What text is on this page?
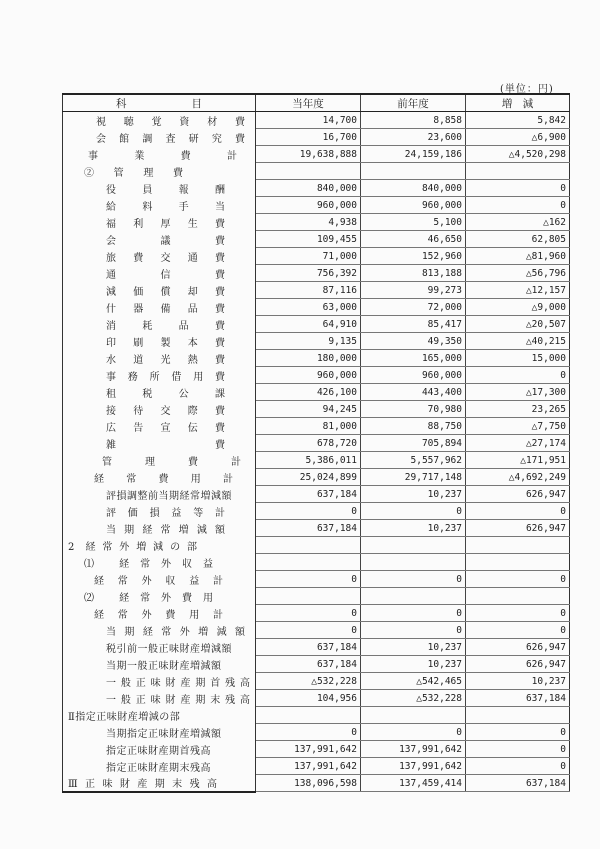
(単位：円)
科 目	当年度	前年度	増　減

視聴覚資材費	14,700	8,858	5,842

会館調査研究費	16,700	23,600	△6,900

事業費計	19,638,888	24,159,186	△4,520,298

②管理費			

役員報酬	840,000	840,000	0

給料手当	960,000	960,000	0

福利厚生費	4,938	5,100	△162

会議費	109,455	46,650	62,805

旅費交通費	71,000	152,960	△81,960

通信費	756,392	813,188	△56,796

減価償却費	87,116	99,273	△12,157

什器備品費	63,000	72,000	△9,000

消耗品費	64,910	85,417	△20,507

印刷製本費	9,135	49,350	△40,215

水道光熱費	180,000	165,000	15,000

事務所借用費	960,000	960,000	0

租税公課	426,100	443,400	△17,300

接待交際費	94,245	70,980	23,265

広告宣伝費	81,000	88,750	△7,750

雑費	678,720	705,894	△27,174

管理費計	5,386,011	5,557,962	△171,951

経常費用計	25,024,899	29,717,148	△4,692,249

評損調整前当期経常増減額	637,184	10,237	626,947

評価損益等計	0	0	0

当期経常増減額	637,184	10,237	626,947

2 経常外増減の部			

⑴ 経常外収益			

経常外収益計	0	0	0

⑵ 経常外費用			

経常外費用計	0	0	0

当期経常外増減額	0	0	0

税引前一般正味財産増減額	637,184	10,237	626,947

当期一般正味財産増減額	637,184	10,237	626,947

一般正味財産期首残高	△532,228	△542,465	10,237

一般正味財産期末残高	104,956	△532,228	637,184

Ⅱ指定正味財産増減の部			

当期指定正味財産増減額	0	0	0

指定正味財産期首残高	137,991,642	137,991,642	0

指定正味財産期末残高	137,991,642	137,991,642	0

Ⅲ正味財産期末残高	138,096,598	137,459,414	637,184
